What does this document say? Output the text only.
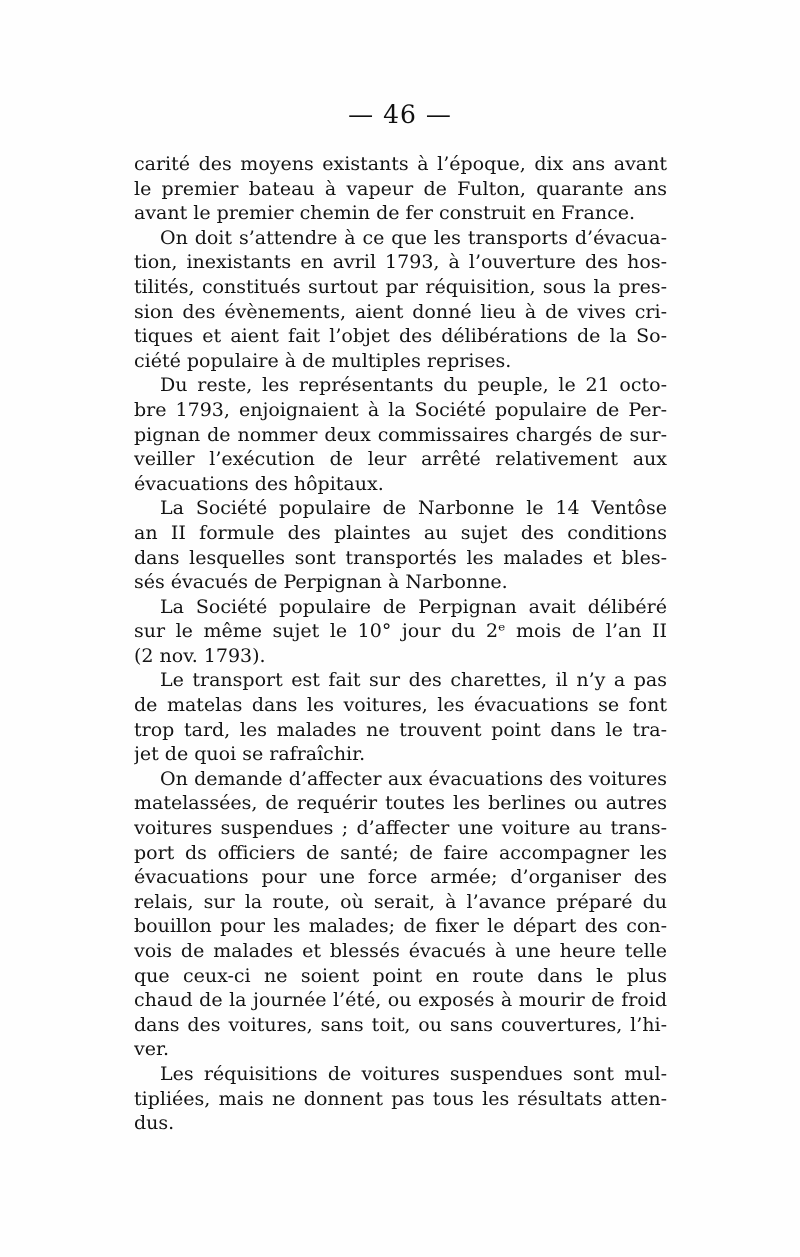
— 46 —
carité des moyens existants à l’époque, dix ans avant
le premier bateau à vapeur de Fulton, quarante ans
avant le premier chemin de fer construit en France.
On doit s’attendre à ce que les transports d’évacua-
tion, inexistants en avril 1793, à l’ouverture des hos-
tilités, constitués surtout par réquisition, sous la pres-
sion des évènements, aient donné lieu à de vives cri-
tiques et aient fait l’objet des délibérations de la So-
ciété populaire à de multiples reprises.
Du reste, les représentants du peuple, le 21 octo-
bre 1793, enjoignaient à la Société populaire de Per-
pignan de nommer deux commissaires chargés de sur-
veiller l’exécution de leur arrêté relativement aux
évacuations des hôpitaux.
La Société populaire de Narbonne le 14 Ventôse
an II formule des plaintes au sujet des conditions
dans lesquelles sont transportés les malades et bles-
sés évacués de Perpignan à Narbonne.
La Société populaire de Perpignan avait délibéré
sur le même sujet le 10° jour du 2ᵉ mois de l’an II
(2 nov. 1793).
Le transport est fait sur des charettes, il n’y a pas
de matelas dans les voitures, les évacuations se font
trop tard, les malades ne trouvent point dans le tra-
jet de quoi se rafraîchir.
On demande d’affecter aux évacuations des voitures
matelassées, de requérir toutes les berlines ou autres
voitures suspendues ; d’affecter une voiture au trans-
port ds officiers de santé; de faire accompagner les
évacuations pour une force armée; d’organiser des
relais, sur la route, où serait, à l’avance préparé du
bouillon pour les malades; de fixer le départ des con-
vois de malades et blessés évacués à une heure telle
que ceux-ci ne soient point en route dans le plus
chaud de la journée l’été, ou exposés à mourir de froid
dans des voitures, sans toit, ou sans couvertures, l’hi-
ver.
Les réquisitions de voitures suspendues sont mul-
tipliées, mais ne donnent pas tous les résultats atten-
dus.
